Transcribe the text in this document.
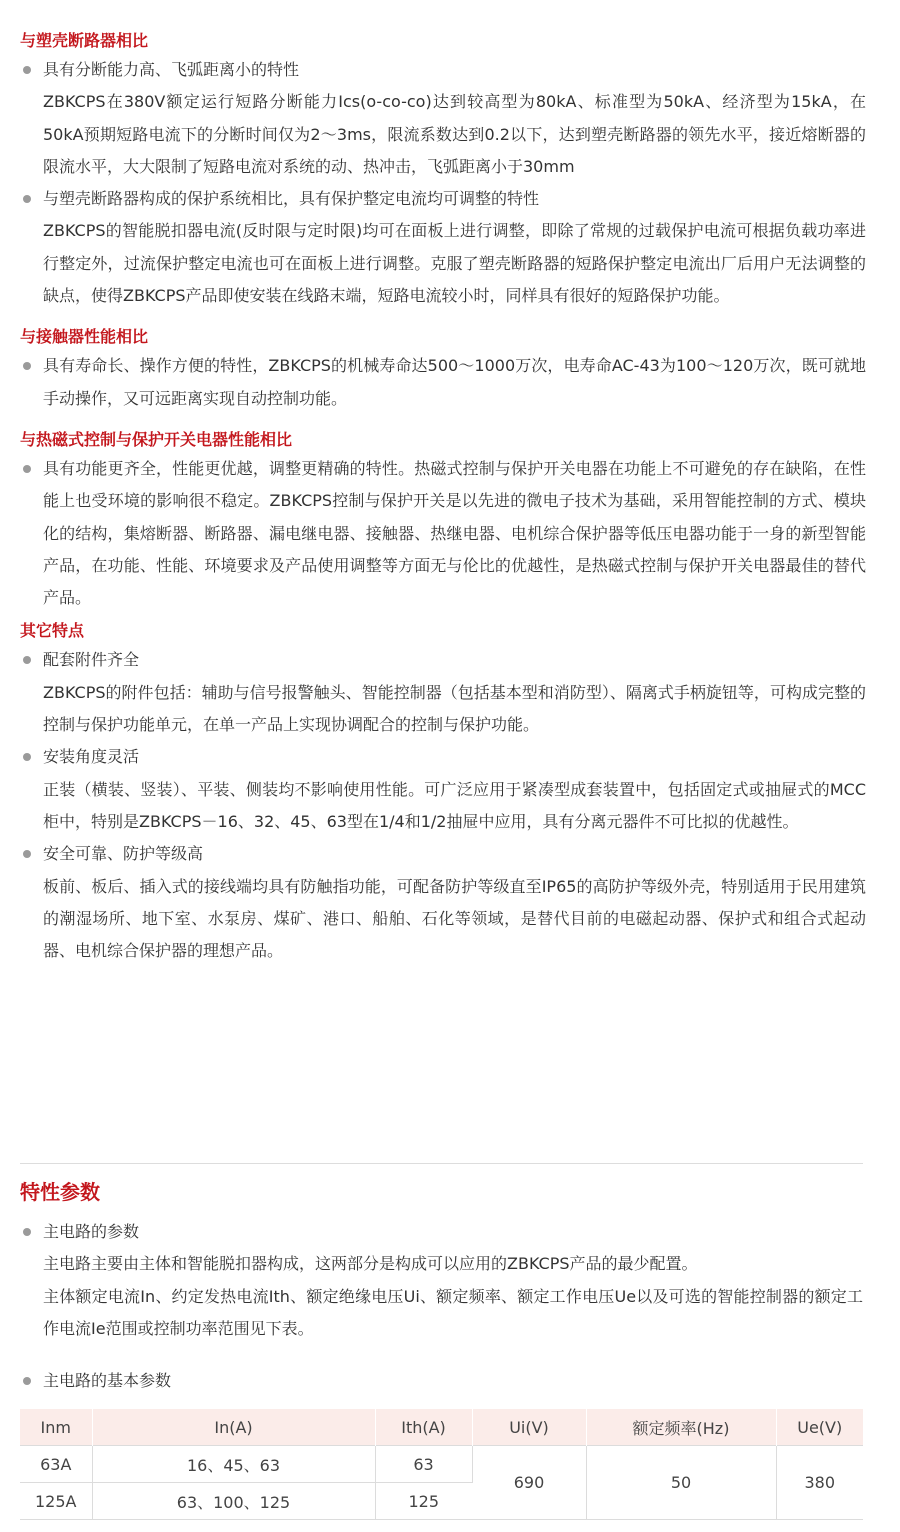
与塑壳断路器相比
具有分断能力高、飞弧距离小的特性
ZBKCPS在380V额定运行短路分断能力Ics(o-co-co)达到较高型为80kA、标准型为50kA、经济型为15kA，在50kA预期短路电流下的分断时间仅为2～3ms，限流系数达到0.2以下，达到塑壳断路器的领先水平，接近熔断器的限流水平，大大限制了短路电流对系统的动、热冲击，飞弧距离小于30mm
与塑壳断路器构成的保护系统相比，具有保护整定电流均可调整的特性
ZBKCPS的智能脱扣器电流(反时限与定时限)均可在面板上进行调整，即除了常规的过载保护电流可根据负载功率进行整定外，过流保护整定电流也可在面板上进行调整。克服了塑壳断路器的短路保护整定电流出厂后用户无法调整的缺点，使得ZBKCPS产品即使安装在线路末端，短路电流较小时，同样具有很好的短路保护功能。
与接触器性能相比
具有寿命长、操作方便的特性，ZBKCPS的机械寿命达500～1000万次，电寿命AC-43为100～120万次，既可就地手动操作，又可远距离实现自动控制功能。
与热磁式控制与保护开关电器性能相比
具有功能更齐全，性能更优越，调整更精确的特性。热磁式控制与保护开关电器在功能上不可避免的存在缺陷，在性能上也受环境的影响很不稳定。ZBKCPS控制与保护开关是以先进的微电子技术为基础，采用智能控制的方式、模块化的结构，集熔断器、断路器、漏电继电器、接触器、热继电器、电机综合保护器等低压电器功能于一身的新型智能产品，在功能、性能、环境要求及产品使用调整等方面无与伦比的优越性，是热磁式控制与保护开关电器最佳的替代产品。
其它特点
配套附件齐全
ZBKCPS的附件包括：辅助与信号报警触头、智能控制器（包括基本型和消防型）、隔离式手柄旋钮等，可构成完整的控制与保护功能单元，在单一产品上实现协调配合的控制与保护功能。
安装角度灵活
正装（横装、竖装）、平装、侧装均不影响使用性能。可广泛应用于紧凑型成套装置中，包括固定式或抽屉式的MCC柜中，特别是ZBKCPS－16、32、45、63型在1/4和1/2抽屉中应用，具有分离元器件不可比拟的优越性。
安全可靠、防护等级高
板前、板后、插入式的接线端均具有防触指功能，可配备防护等级直至IP65的高防护等级外壳，特别适用于民用建筑的潮湿场所、地下室、水泵房、煤矿、港口、船舶、石化等领域，是替代目前的电磁起动器、保护式和组合式起动器、电机综合保护器的理想产品。
特性参数
主电路的参数
主电路主要由主体和智能脱扣器构成，这两部分是构成可以应用的ZBKCPS产品的最少配置。
主体额定电流In、约定发热电流Ith、额定绝缘电压Ui、额定频率、额定工作电压Ue以及可选的智能控制器的额定工作电流Ie范围或控制功率范围见下表。
主电路的基本参数
Inm	In(A)	Ith(A)	Ui(V)	额定频率(Hz)	Ue(V)
63A	16、45、63	63	690	50	380
125A	63、100、125	125			
